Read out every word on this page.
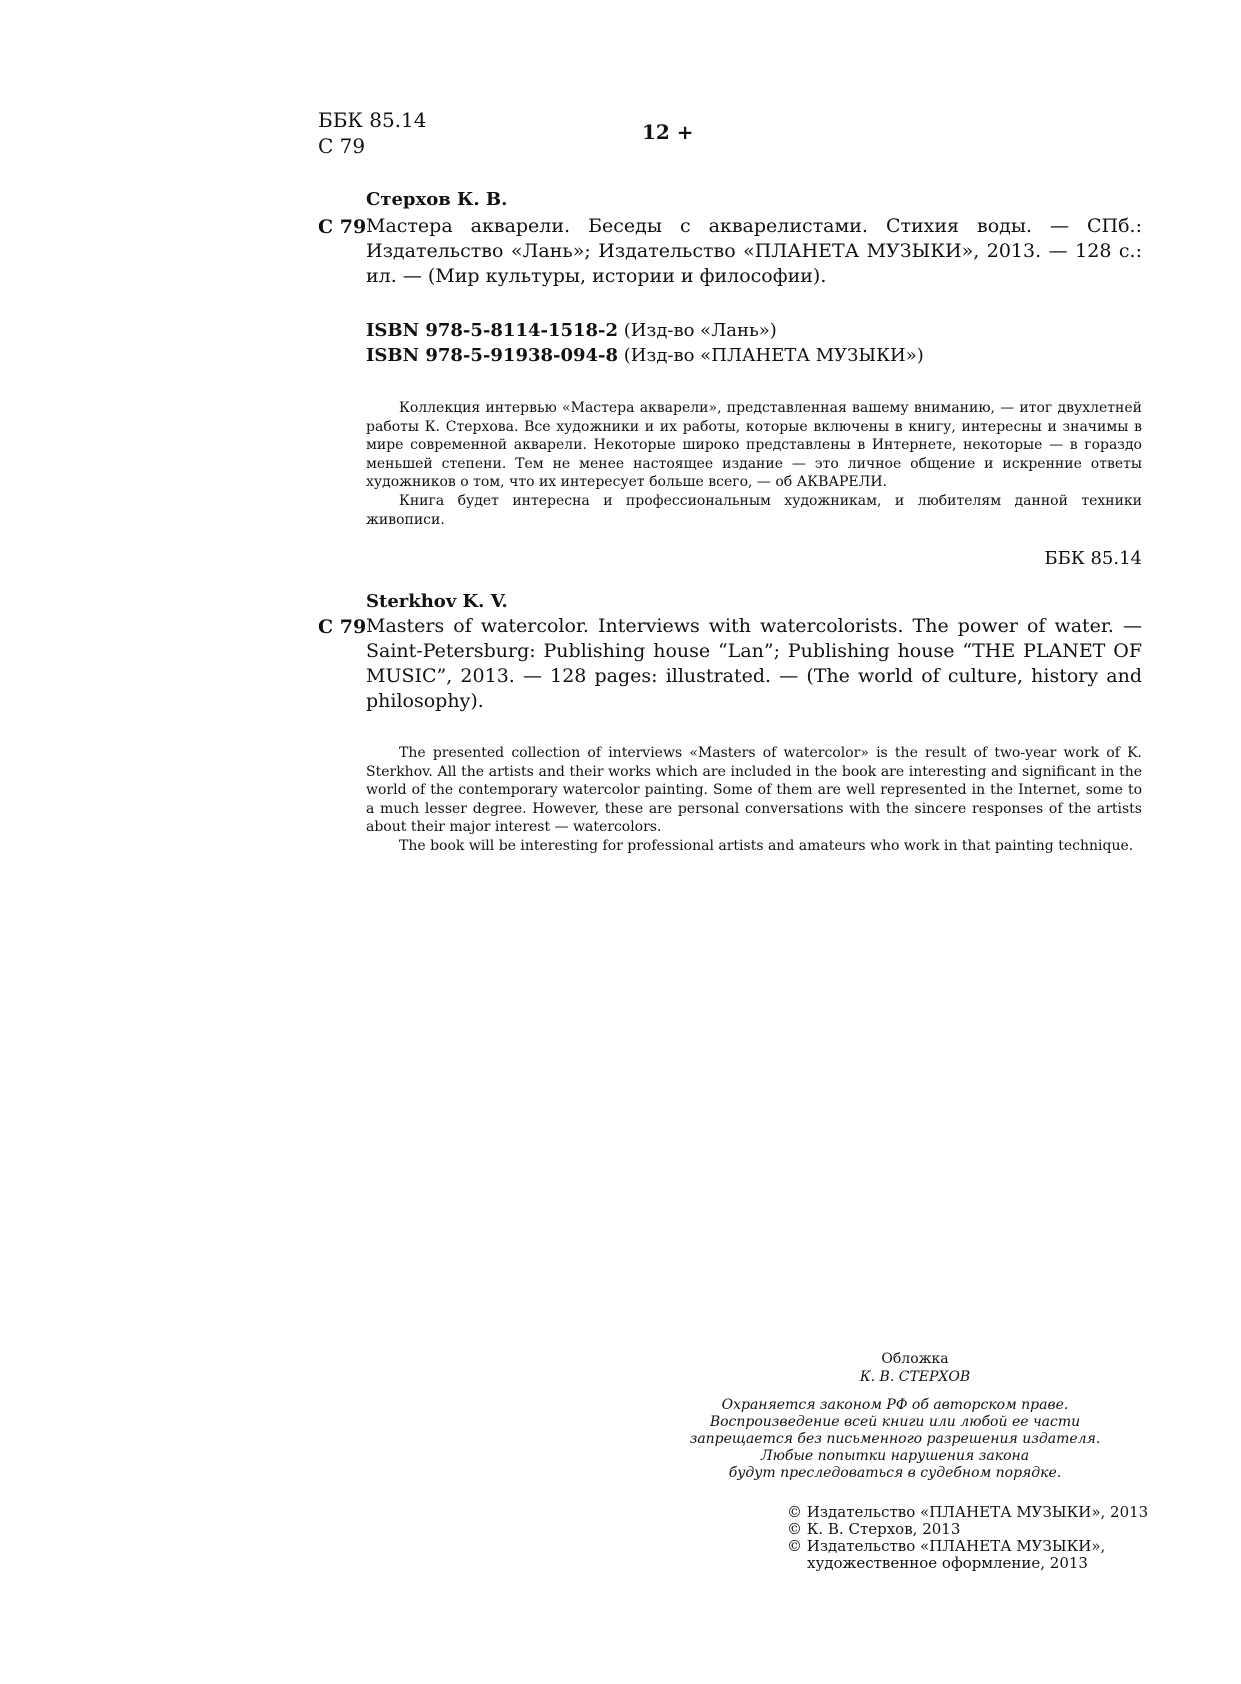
ББК 85.14
С 79
12 +
Стерхов К. В.
С 79 Мастера акварели. Беседы с акварелистами. Стихия воды. — СПб.: Издательство «Лань»; Издательство «ПЛАНЕТА МУЗЫКИ», 2013. — 128 с.: ил. — (Мир культуры, истории и философии).
ISBN 978-5-8114-1518-2 (Изд-во «Лань»)
ISBN 978-5-91938-094-8 (Изд-во «ПЛАНЕТА МУЗЫКИ»)

Коллекция интервью «Мастера акварели», представленная вашему вниманию, — итог двухлетней работы К. Стерхова. Все художники и их работы, которые включены в книгу, интересны и значимы в мире современной акварели. Некоторые широко представлены в Интернете, некоторые — в гораздо меньшей степени. Тем не менее настоящее издание — это личное общение и искренние ответы художников о том, что их интересует больше всего, — об АКВАРЕЛИ.

Книга будет интересна и профессиональным художникам, и любителям данной техники живописи.

ББК 85.14
Sterkhov K. V.
С 79 Masters of watercolor. Interviews with watercolorists. The power of water. — Saint-Petersburg: Publishing house “Lan”; Publishing house “THE PLANET OF MUSIC”, 2013. — 128 pages: illustrated. — (The world of culture, history and philosophy).

The presented collection of interviews «Masters of watercolor» is the result of two-year work of K. Sterkhov. All the artists and their works which are included in the book are interesting and significant in the world of the contemporary watercolor painting. Some of them are well represented in the Internet, some to a much lesser degree. However, these are personal conversations with the sincere responses of the artists about their major interest — watercolors.

The book will be interesting for professional artists and amateurs who work in that painting technique.

Обложка
К. В. СТЕРХОВ
Охраняется законом РФ об авторском праве.
Воспроизведение всей книги или любой ее части
запрещается без письменного разрешения издателя.
Любые попытки нарушения закона
будут преследоваться в судебном порядке.
© Издательство «ПЛАНЕТА МУЗЫКИ», 2013
© К. В. Стерхов, 2013
© Издательство «ПЛАНЕТА МУЗЫКИ»,
художественное оформление, 2013
